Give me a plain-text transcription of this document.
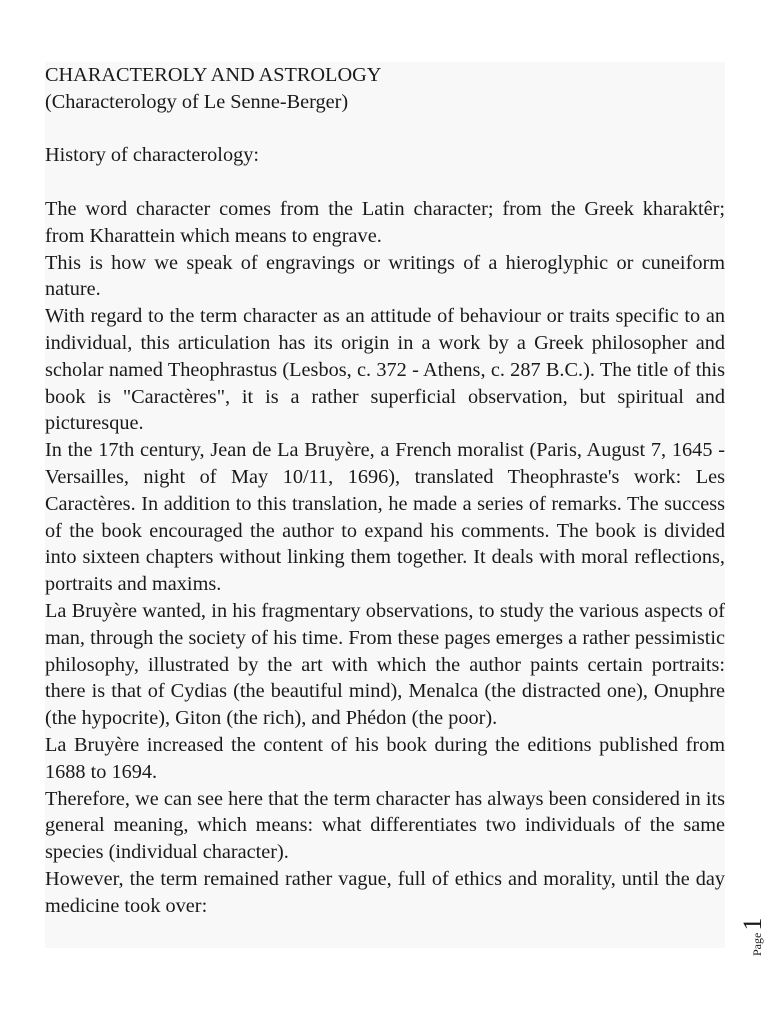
CHARACTEROLY AND ASTROLOGY

(Characterology of Le Senne-Berger)

History of characterology:

The word character comes from the Latin character; from the Greek kharaktêr; from Kharattein which means to engrave.

This is how we speak of engravings or writings of a hieroglyphic or cuneiform nature.

With regard to the term character as an attitude of behaviour or traits specific to an individual, this articulation has its origin in a work by a Greek philosopher and scholar named Theophrastus (Lesbos, c. 372 - Athens, c. 287 B.C.). The title of this book is "Caractères", it is a rather superficial observation, but spiritual and picturesque.

In the 17th century, Jean de La Bruyère, a French moralist (Paris, August 7, 1645 - Versailles, night of May 10/11, 1696), translated Theophraste's work: Les Caractères. In addition to this translation, he made a series of remarks. The success of the book encouraged the author to expand his comments. The book is divided into sixteen chapters without linking them together. It deals with moral reflections, portraits and maxims.

La Bruyère wanted, in his fragmentary observations, to study the various aspects of man, through the society of his time. From these pages emerges a rather pessimistic philosophy, illustrated by the art with which the author paints certain portraits: there is that of Cydias (the beautiful mind), Menalca (the distracted one), Onuphre (the hypocrite), Giton (the rich), and Phédon (the poor).

La Bruyère increased the content of his book during the editions published from 1688 to 1694.

Therefore, we can see here that the term character has always been considered in its general meaning, which means: what differentiates two individuals of the same species (individual character).

However, the term remained rather vague, full of ethics and morality, until the day medicine took over:

Page1
